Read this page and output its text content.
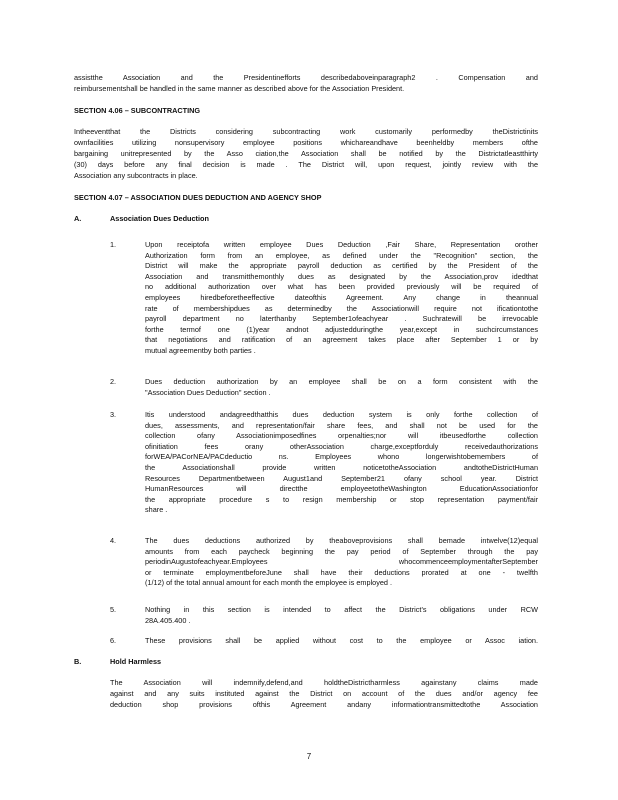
assistthe Association and the Presidentinefforts describedaboveinparagraph2 . Compensation and
reimbursementshall be handled in the same manner as described above for the Association President.
SECTION 4.06 – SUBCONTRACTING
Intheeventthat the Districts considering subcontracting work customarily performedby theDistrictinits
ownfacilities utilizing nonsupervisory employee positions whichareandhave beenheldby members ofthe
bargaining unitrepresented by the Asso ciation,the Association shall be notified by the Districtatleastthirty
(30) days before any final decision is made . The District will, upon request, jointly review with the
Association any subcontracts in place.
SECTION 4.07 – ASSOCIATION DUES DEDUCTION AND AGENCY SHOP
A.	Association Dues Deduction
1.	Upon receiptofa written employee Dues Deduction ,Fair Share, Representation orother
Authorization form from an employee, as defined under the "Recognition" section, the
District will make the appropriate payroll deduction as certified by the President of the
Association and transmitthemonthly dues as designated by the Association,prov idedthat
no additional authorization over what has been provided previously will be required of
employees hiredbeforetheeffective dateofthis Agreement. Any change in theannual
rate of membershipdues as determinedby the Associationwill require not ificationtothe
payroll department no laterthanby September1ofeachyear . Suchratewill be irrevocable
forthe termof one (1)year andnot adjustedduringthe year,except in suchcircumstances
that negotiations and ratification of an agreement takes place after September 1 or by
mutual agreementby both parties .
2.	Dues deduction authorization by an employee shall be on a form consistent with the
"Association Dues Deduction" section .
3.	Itis understood andagreedthatthis dues deduction system is only forthe collection of
dues, assessments, and representation/fair share fees, and shall not be used for the
collection ofany Associationimposedfines orpenalties;nor will itbeusedforthe collection
ofinitiation fees orany otherAssociation charge,exceptforduly receivedauthorizations
forWEA/PACorNEA/PACdeductio ns. Employees whono longerwishtobemembers of
the Associationshall provide written noticetotheAssociation andtotheDistrictHuman
Resources Departmentbetween August1and September21 ofany school year. District
HumanResources will directthe employeetotheWashington EducationAssociationfor
the appropriate procedure s to resign membership or stop representation payment/fair
share .
4.	The dues deductions authorized by theaboveprovisions shall bemade intwelve(12)equal
amounts from each paycheck beginning the pay period of September through the pay
periodinAugustofeachyear.Employees whocommenceemploymentafterSeptember
or terminate employmentbeforeJune shall have their deductions prorated at one - twelfth
(1/12) of the total annual amount for each month the employee is employed .
5.	Nothing in this section is intended to affect the District's obligations under RCW
28A.405.400 .
6.	These provisions shall be applied without cost to the employee or Assoc iation.
B.	Hold Harmless
The Association will indemnify,defend,and holdtheDistrictharmless againstany claims made
against and any suits instituted against the District on account of the dues and/or agency fee
deduction shop provisions ofthis Agreement andany informationtransmittedtothe Association
7
